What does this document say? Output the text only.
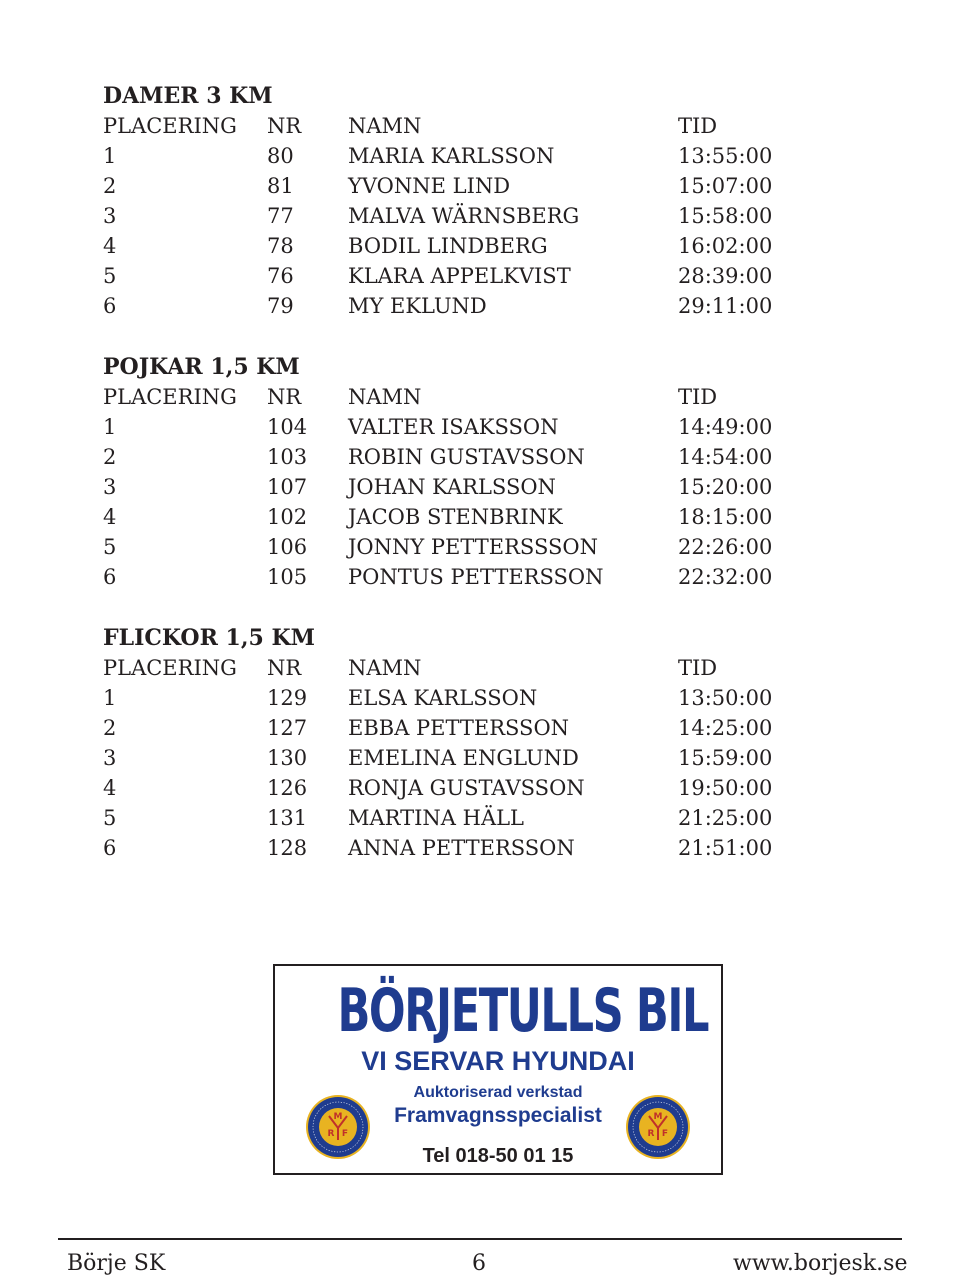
DAMER 3 KM
PLACERING NR NAMN	TID
1	80	MARIA KARLSSON	13:55:00
2	81	YVONNE LIND	15:07:00
3	77	MALVA WÄRNSBERG	15:58:00
4	78	BODIL LINDBERG	16:02:00
5	76	KLARA APPELKVIST	28:39:00
6	79	MY EKLUND	29:11:00
POJKAR 1,5 KM
PLACERING NR NAMN	TID
1	104 VALTER ISAKSSON	14:49:00
2	103 ROBIN GUSTAVSSON	14:54:00
3	107 JOHAN KARLSSON	15:20:00
4	102 JACOB STENBRINK	18:15:00
5	106 JONNY PETTERSSSON	22:26:00
6	105 PONTUS PETTERSSON	22:32:00
FLICKOR 1,5 KM
PLACERING NR NAMN	TID
1	129 ELSA KARLSSON	13:50:00
2	127 EBBA PETTERSSON	14:25:00
3	130 EMELINA ENGLUND	15:59:00
4	126 RONJA GUSTAVSSON	19:50:00
5	131 MARTINA HÄLL	21:25:00
6	128 ANNA PETTERSSON	21:51:00
BÖRJETULLS BIL
VI SERVAR HYUNDAI
Auktoriserad verkstad
Framvagnsspecialist
Tel 018-50 01 15
M
R F
M
R F
Börje SK	6	www.borjesk.se
